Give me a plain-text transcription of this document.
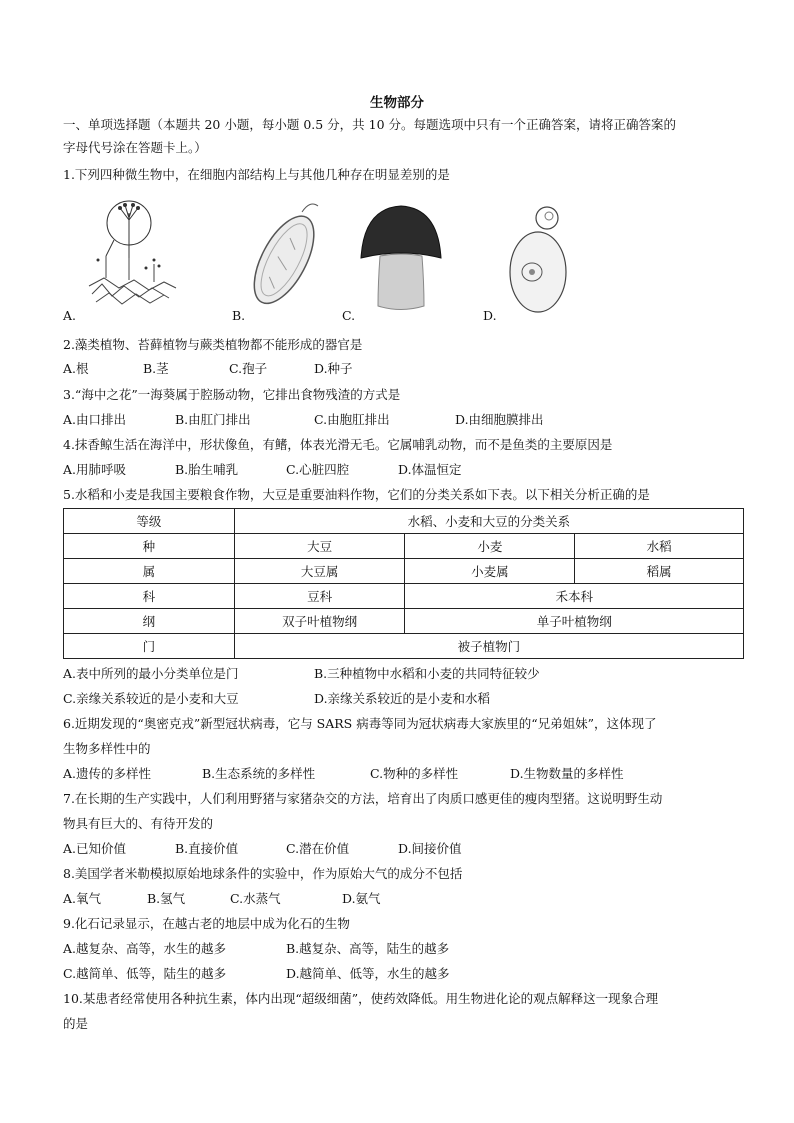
生物部分
一、单项选择题（本题共 20 小题，每小题 0.5 分，共 10 分。每题选项中只有一个正确答案，请将正确答案的
字母代号涂在答题卡上。）
1.下列四种微生物中，在细胞内部结构上与其他几种存在明显差别的是
A.	B.	C.	D.
2.藻类植物、苔藓植物与蕨类植物都不能形成的器官是
A.根	B.茎	C.孢子	D.种子
3.“海中之花”一海葵属于腔肠动物，它排出食物残渣的方式是
A.由口排出	B.由肛门排出	C.由胞肛排出	D.由细胞膜排出
4.抹香鲸生活在海洋中，形状像鱼，有鳍，体表光滑无毛。它属哺乳动物，而不是鱼类的主要原因是
A.用肺呼吸	B.胎生哺乳	C.心脏四腔	D.体温恒定
5.水稻和小麦是我国主要粮食作物，大豆是重要油料作物，它们的分类关系如下表。以下相关分析正确的是
等级	水稻、小麦和大豆的分类关系		
种	大豆	小麦	水稻
属	大豆属	小麦属	稻属
科	豆科	禾本科	
纲	双子叶植物纲	单子叶植物纲	
门	被子植物门		
A.表中所列的最小分类单位是门	B.三种植物中水稻和小麦的共同特征较少
C.亲缘关系较近的是小麦和大豆	D.亲缘关系较近的是小麦和水稻
6.近期发现的“奥密克戎”新型冠状病毒，它与 SARS 病毒等同为冠状病毒大家族里的“兄弟姐妹”，这体现了
生物多样性中的
A.遗传的多样性	B.生态系统的多样性	C.物种的多样性	D.生物数量的多样性
7.在长期的生产实践中，人们利用野猪与家猪杂交的方法，培育出了肉质口感更佳的瘦肉型猪。这说明野生动
物具有巨大的、有待开发的
A.已知价值	B.直接价值	C.潜在价值	D.间接价值
8.美国学者米勒模拟原始地球条件的实验中，作为原始大气的成分不包括
A.氧气	B.氢气	C.水蒸气	D.氨气
9.化石记录显示，在越古老的地层中成为化石的生物
A.越复杂、高等，水生的越多	B.越复杂、高等，陆生的越多
C.越简单、低等，陆生的越多	D.越简单、低等，水生的越多
10.某患者经常使用各种抗生素，体内出现“超级细菌”，使药效降低。用生物进化论的观点解释这一现象合理
的是
